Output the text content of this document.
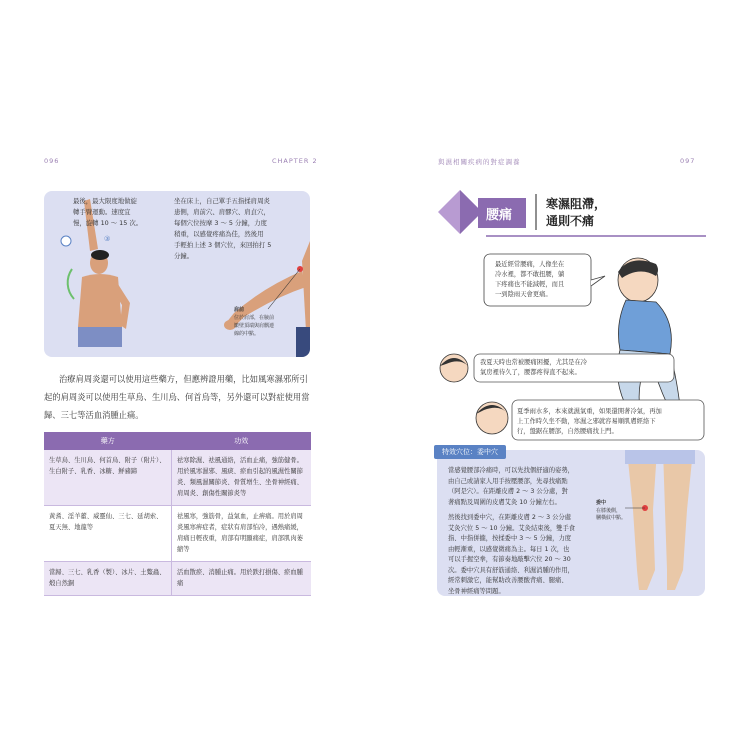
096	CHAPTER 2
最後，最大限度地做旋
轉手臂運動。速度宜
慢，旋轉 10 ～ 15 次。
③
坐在床上，自己單手五指揉肩周炎
患側，肩前穴、肩髎穴、肩貞穴，
每個穴位按摩 3 ～ 5 分鐘，力度
稍重，以感覺疼痛為佳，然後用
手輕拍上述 3 個穴位，來回拍打 5
分鐘。
肩前
位於肩部，在腋前
皺壁頂端與肩髃連
線的中點。

治療肩周炎還可以使用這些藥方，但應辨證用藥，比如風寒濕邪所引起的肩周炎可以使用生草烏、生川烏、何首烏等，另外還可以對症使用當歸、三七等活血消腫止痛。

藥方	功效
生草烏、生川烏、何首烏、附子（附片）、生白附子、乳香、冰糖、鮮豬蹄	祛寒除濕、祛風通絡，活血止痛，強筋健骨。用於風寒濕邪、風痰、瘀血引起的風濕性關節炎、類風濕關節炎、骨質增生、坐骨神經痛、肩周炎、創傷性關節炎等
黃耆、淫羊藿、威靈仙、三七、延胡索、夏天無、地龍等	祛風寒，強筋骨，益氣血，止痹痛。用於肩周炎風寒痹症者，症狀有肩部怕冷，遇熱痛緩，肩痛日輕夜重，肩部有明顯痛症，肩部肌肉萎縮等
當歸、三七、乳香（製）、冰片、土鱉蟲、煅自然銅	活血散瘀、消腫止痛。用於跌打損傷、瘀血腫痛
與濕相關疾病的對症調養	097
腰痛
寒濕阻滯，
通則不痛
最近經常腰痛，人像坐在
冷水裡，都不敢扭腰，躺
下疼痛也不能減輕，而且
一到陰雨天會更痛。
我夏天時也常被腰痛困擾，尤其是在冷
氣房裡待久了，腰都疼得直不起來。
夏季雨水多，本來就濕氣重，如果還開著冷氣，再加
上工作時久坐不動，寒濕之邪就容易順肌膚經絡下
行，盤踞在腰部，自然腰痛找上門。
特效穴位：委中穴
當感覺腰部冷痛時，可以先找個舒適的姿勢，
由自己或請家人用手按壓腰部，先尋找痛點
（阿是穴）。在距離皮膚 2 ～ 3 公分處，對
著痛點及周圍的皮膚艾灸 10 分鐘左右。
然後找到委中穴，在距離皮膚 2 ～ 3 公分處
艾灸穴位 5 ～ 10 分鐘。艾灸結束後，雙手食
指、中指併攏，按揉委中 3 ～ 5 分鐘，力度
由輕漸重，以感覺微痛為主。每日 1 次，也
可以手握空拳，有節奏地敲擊穴位 20 ～ 30
次。委中穴具有舒筋通絡、利濕消腫的作用，
經常刺激它，能幫助改善腰酸背痛、腿痛、
坐骨神經痛等問題。
委中
在膝後側，
膕橫紋中點。
